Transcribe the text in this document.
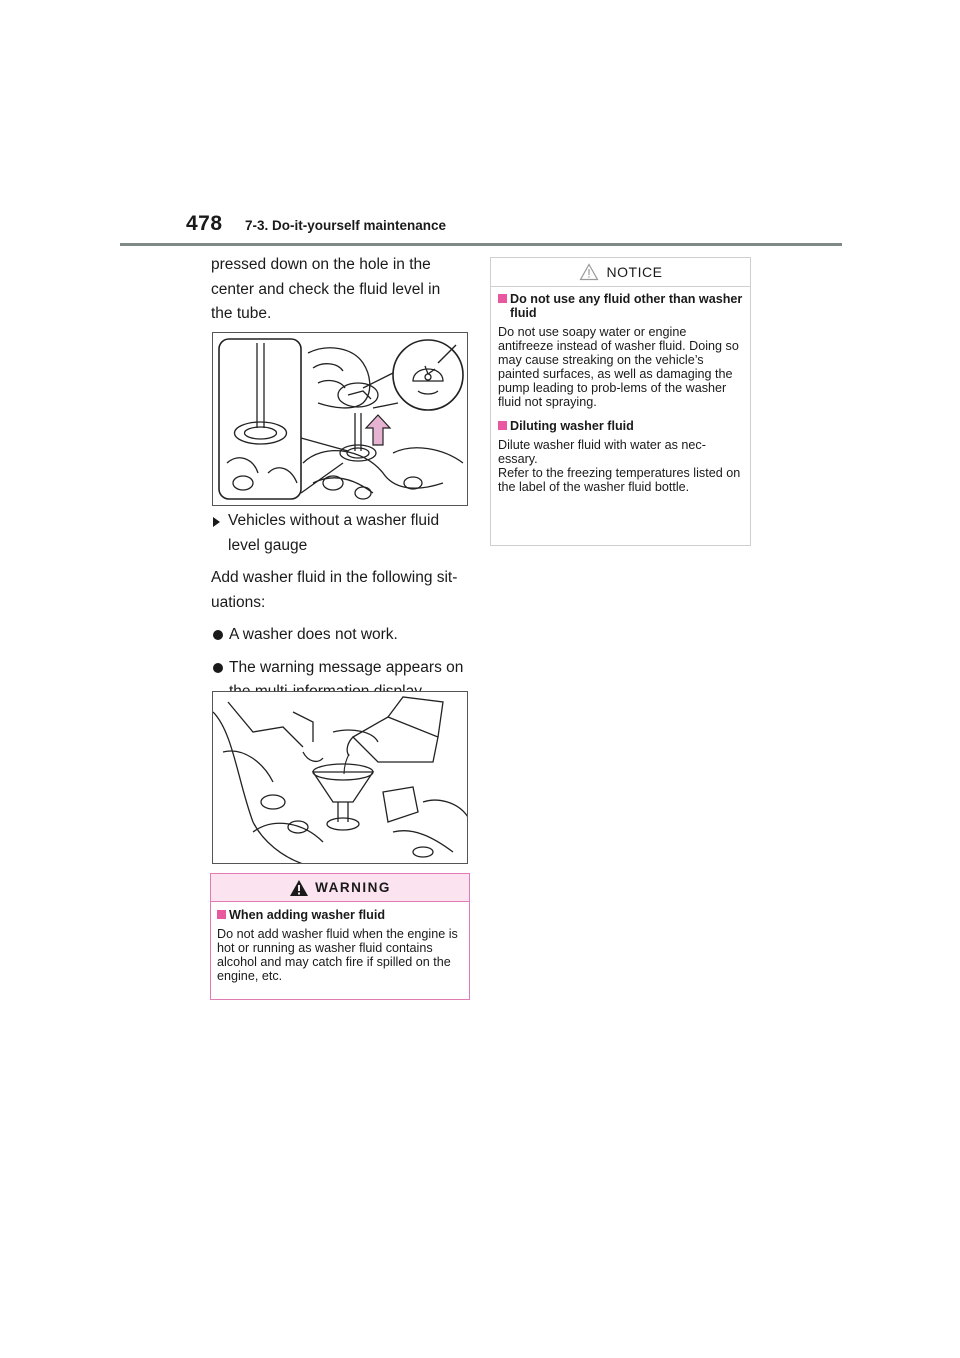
478 7-3. Do-it-yourself maintenance

pressed down on the hole in the center and check the fluid level in the tube.

Vehicles without a washer fluid level gauge

Add washer fluid in the following sit-uations:

A washer does not work.

The warning message appears on

WARNING
When adding washer fluid
Do not add washer fluid when the engine is hot or running as washer fluid contains alcohol and may catch fire if spilled on the engine, etc.
NOTICE
Do not use any fluid other than washer fluid
Do not use soapy water or engine antifreeze instead of washer fluid. Doing so may cause streaking on the vehicle’s painted surfaces, as well as damaging the pump leading to prob-lems of the washer fluid not spraying.
Diluting washer fluid
Dilute washer fluid with water as nec-essary.
Refer to the freezing temperatures listed on the label of the washer fluid bottle.
